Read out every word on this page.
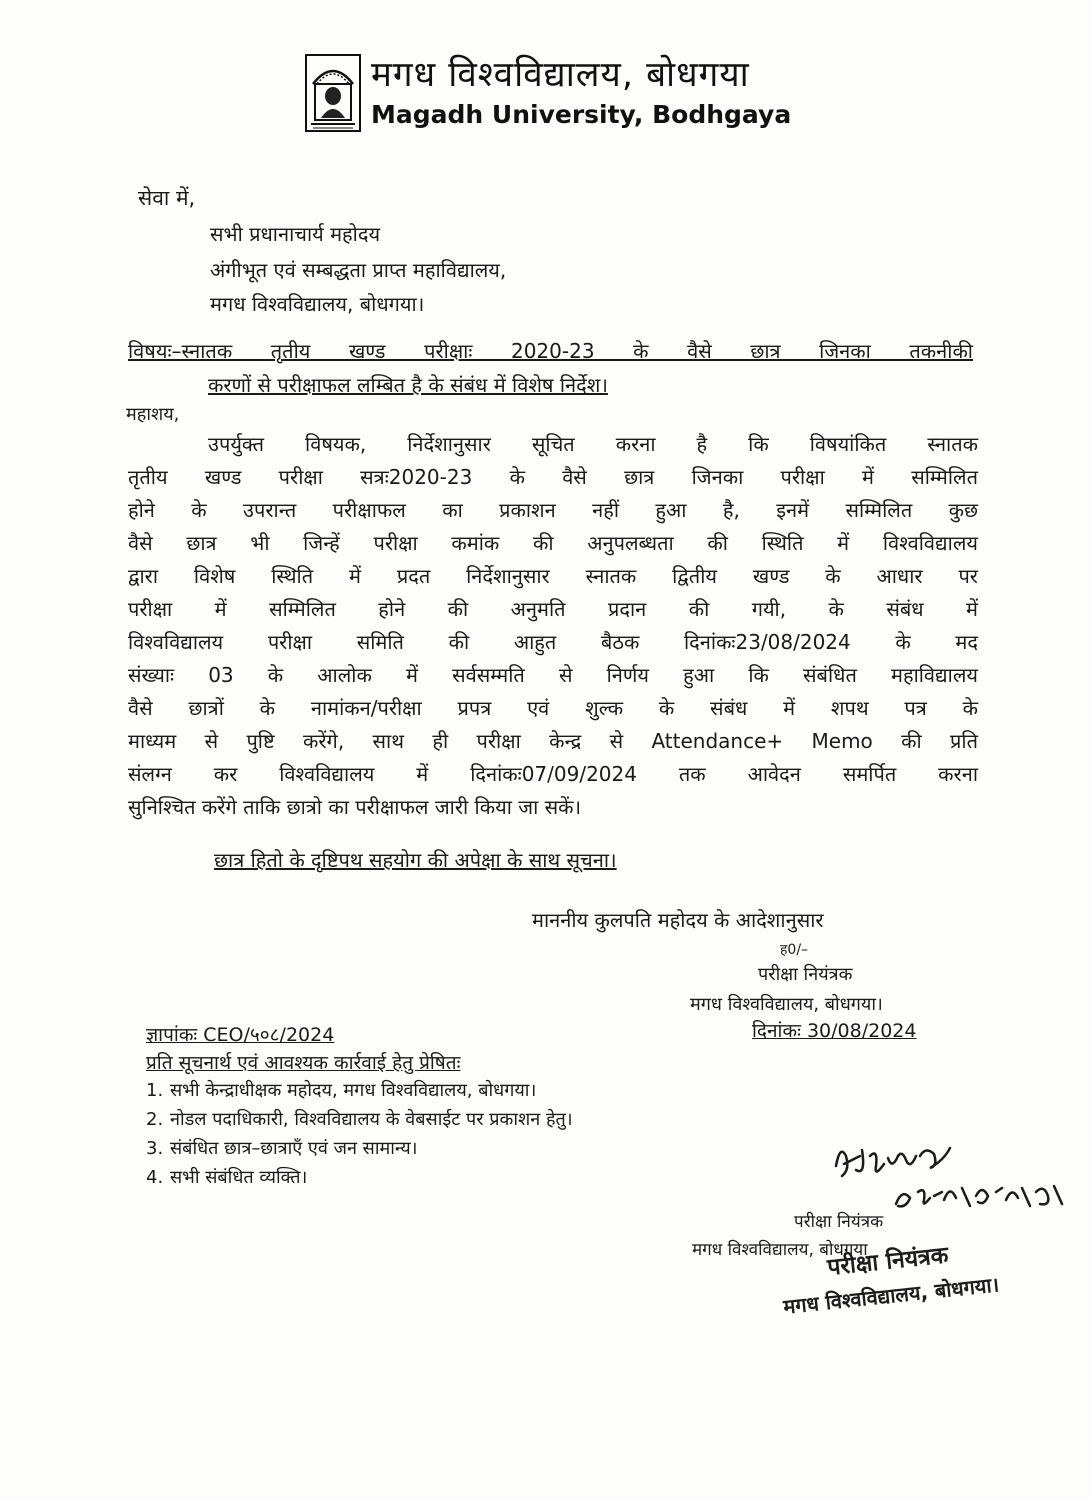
मगध विश्वविद्यालय, बोधगया
Magadh University, Bodhgaya
सेवा में,
सभी प्रधानाचार्य महोदय
अंगीभूत एवं सम्बद्धता प्राप्त महाविद्यालय,
मगध विश्वविद्यालय, बोधगया।
विषयः–स्नातक तृतीय खण्ड परीक्षाः 2020-23 के वैसे छात्र जिनका तकनीकी
करणों से परीक्षाफल लम्बित है के संबंध में विशेष निर्देश।
महाशय,
उपर्युक्त विषयक, निर्देशानुसार सूचित करना है कि विषयांकित स्नातक
तृतीय खण्ड परीक्षा सत्रः2020-23 के वैसे छात्र जिनका परीक्षा में सम्मिलित
होने के उपरान्त परीक्षाफल का प्रकाशन नहीं हुआ है, इनमें सम्मिलित कुछ
वैसे छात्र भी जिन्हें परीक्षा कमांक की अनुपलब्धता की स्थिति में विश्वविद्यालय
द्वारा विशेष स्थिति में प्रदत निर्देशानुसार स्नातक द्वितीय खण्ड के आधार पर
परीक्षा में सम्मिलित होने की अनुमति प्रदान की गयी, के संबंध में
विश्वविद्यालय परीक्षा समिति की आहुत बैठक दिनांकः23/08/2024 के मद
संख्याः 03 के आलोक में सर्वसम्मति से निर्णय हुआ कि संबंधित महाविद्यालय
वैसे छात्रों के नामांकन/परीक्षा प्रपत्र एवं शुल्क के संबंध में शपथ पत्र के
माध्यम से पुष्टि करेंगे, साथ ही परीक्षा केन्द्र से Attendance+ Memo की प्रति
संलग्न कर विश्वविद्यालय में दिनांकः07/09/2024 तक आवेदन समर्पित करना
सुनिश्चित करेंगे ताकि छात्रो का परीक्षाफल जारी किया जा सकें।
छात्र हितो के दृष्टिपथ सहयोग की अपेक्षा के साथ सूचना।
माननीय कुलपति महोदय के आदेशानुसार
ह0/–
परीक्षा नियंत्रक
मगध विश्वविद्यालय, बोधगया।
दिनांकः 30/08/2024
ज्ञापांकः CEO/५०८/2024
प्रति सूचनार्थ एवं आवश्यक कार्रवाई हेतु प्रेषितः
1. सभी केन्द्राधीक्षक महोदय, मगध विश्वविद्यालय, बोधगया।
2. नोडल पदाधिकारी, विश्वविद्यालय के वेबसाईट पर प्रकाशन हेतु।
3. संबंधित छात्र–छात्राएँ एवं जन सामान्य।
4. सभी संबंधित व्यक्ति।
परीक्षा नियंत्रक
मगध विश्वविद्यालय, बोधगया
परीक्षा नियंत्रक
मगध विश्वविद्यालय, बोधगया।
